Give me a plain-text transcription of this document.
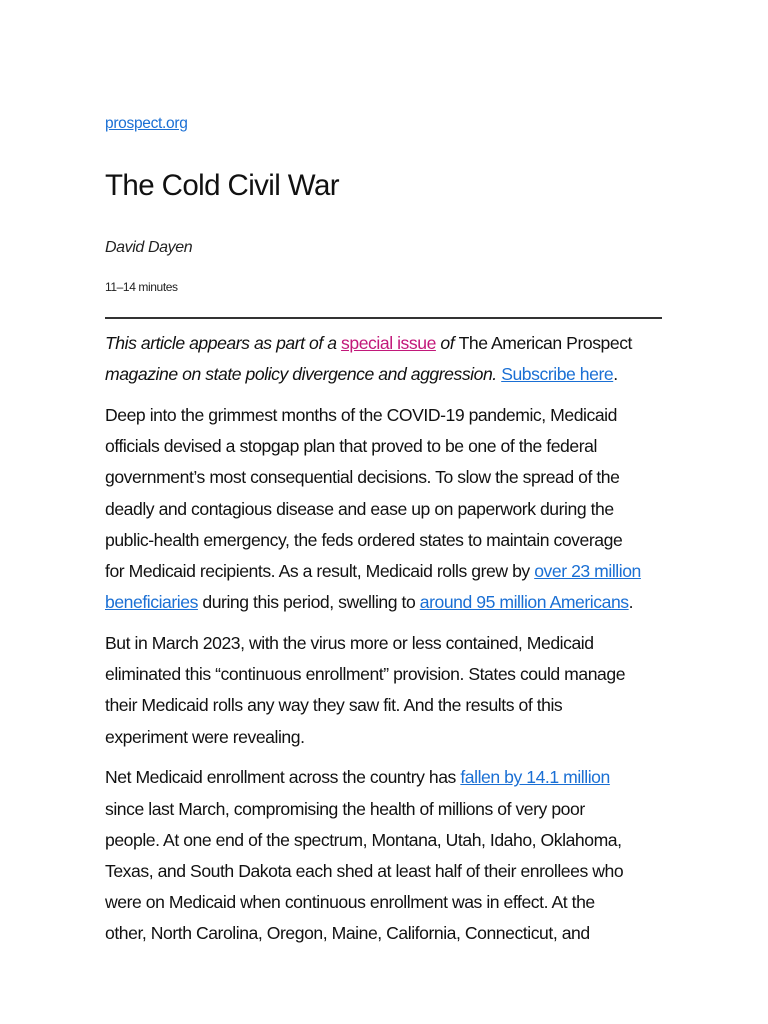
prospect.org
The Cold Civil War
David Dayen
11–14 minutes

This article appears as part of a special issue of The American Prospect
magazine on state policy divergence and aggression. Subscribe here.

Deep into the grimmest months of the COVID-19 pandemic, Medicaid
officials devised a stopgap plan that proved to be one of the federal
government’s most consequential decisions. To slow the spread of the
deadly and contagious disease and ease up on paperwork during the
public-health emergency, the feds ordered states to maintain coverage
for Medicaid recipients. As a result, Medicaid rolls grew by over 23 million
beneficiaries during this period, swelling to around 95 million Americans.

But in March 2023, with the virus more or less contained, Medicaid
eliminated this “continuous enrollment” provision. States could manage
their Medicaid rolls any way they saw fit. And the results of this
experiment were revealing.

Net Medicaid enrollment across the country has fallen by 14.1 million
since last March, compromising the health of millions of very poor
people. At one end of the spectrum, Montana, Utah, Idaho, Oklahoma,
Texas, and South Dakota each shed at least half of their enrollees who
were on Medicaid when continuous enrollment was in effect. At the
other, North Carolina, Oregon, Maine, California, Connecticut, and
